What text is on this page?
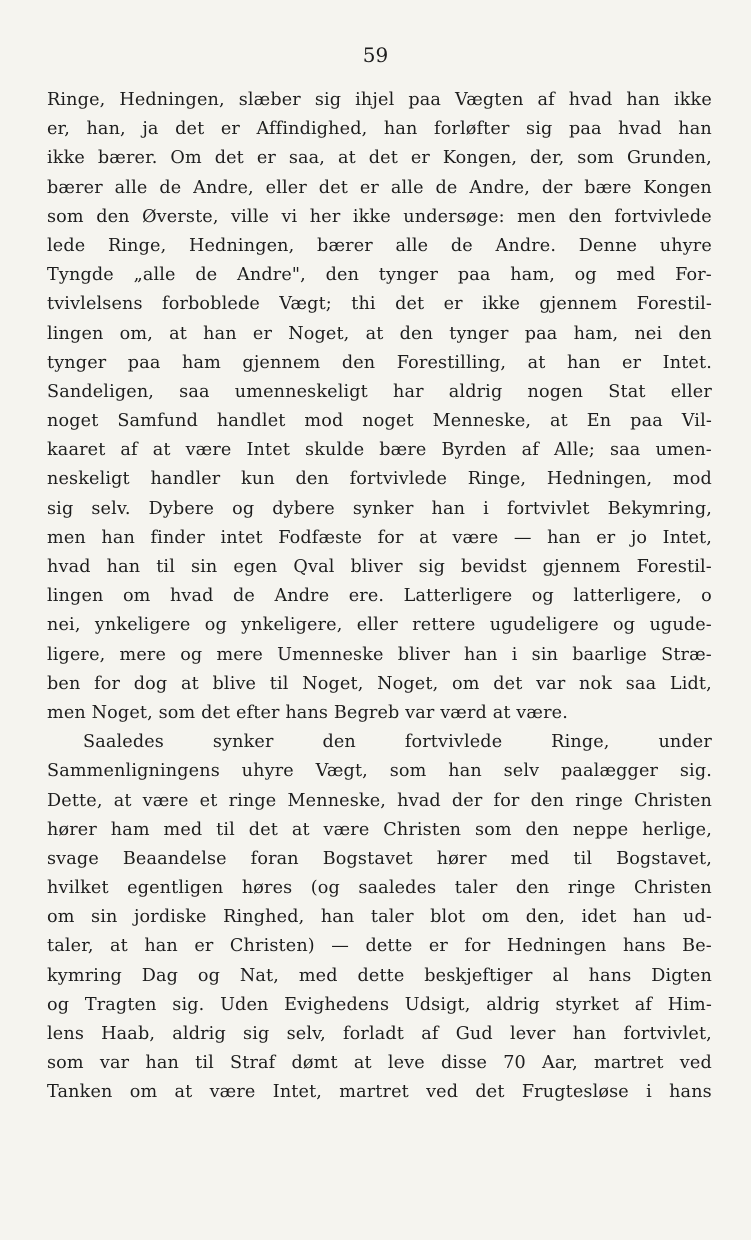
59
Ringe, Hedningen, slæber sig ihjel paa Vægten af hvad han ikke
er, han, ja det er Affindighed, han forløfter sig paa hvad han
ikke bærer. Om det er saa, at det er Kongen, der, som Grunden,
bærer alle de Andre, eller det er alle de Andre, der bære Kongen
som den Øverste, ville vi her ikke undersøge: men den fortvivlede
lede Ringe, Hedningen, bærer alle de Andre. Denne uhyre
Tyngde „alle de Andre", den tynger paa ham, og med For-
tvivlelsens forboblede Vægt; thi det er ikke gjennem Forestil-
lingen om, at han er Noget, at den tynger paa ham, nei den
tynger paa ham gjennem den Forestilling, at han er Intet.
Sandeligen, saa umenneskeligt har aldrig nogen Stat eller
noget Samfund handlet mod noget Menneske, at En paa Vil-
kaaret af at være Intet skulde bære Byrden af Alle; saa umen-
neskeligt handler kun den fortvivlede Ringe, Hedningen, mod
sig selv. Dybere og dybere synker han i fortvivlet Bekymring,
men han finder intet Fodfæste for at være — han er jo Intet,
hvad han til sin egen Qval bliver sig bevidst gjennem Forestil-
lingen om hvad de Andre ere. Latterligere og latterligere, o
nei, ynkeligere og ynkeligere, eller rettere ugudeligere og ugude-
ligere, mere og mere Umenneske bliver han i sin baarlige Stræ-
ben for dog at blive til Noget, Noget, om det var nok saa Lidt,
men Noget, som det efter hans Begreb var værd at være.
Saaledes	synker	den	fortvivlede	Ringe,	under
Sammenligningens uhyre Vægt, som han selv paalægger sig.
Dette, at være et ringe Menneske, hvad der for den ringe Christen
hører ham med til det at være Christen som den neppe herlige,
svage Beaandelse foran Bogstavet hører med til Bogstavet,
hvilket egentligen høres (og saaledes taler den ringe Christen
om sin jordiske Ringhed, han taler blot om den, idet han ud-
taler, at han er Christen) — dette er for Hedningen hans Be-
kymring Dag og Nat, med dette beskjeftiger al hans Digten
og Tragten sig. Uden Evighedens Udsigt, aldrig styrket af Him-
lens Haab, aldrig sig selv, forladt af Gud lever han fortvivlet,
som var han til Straf dømt at leve disse 70 Aar, martret ved
Tanken om at være Intet, martret ved det Frugtesløse i hans
